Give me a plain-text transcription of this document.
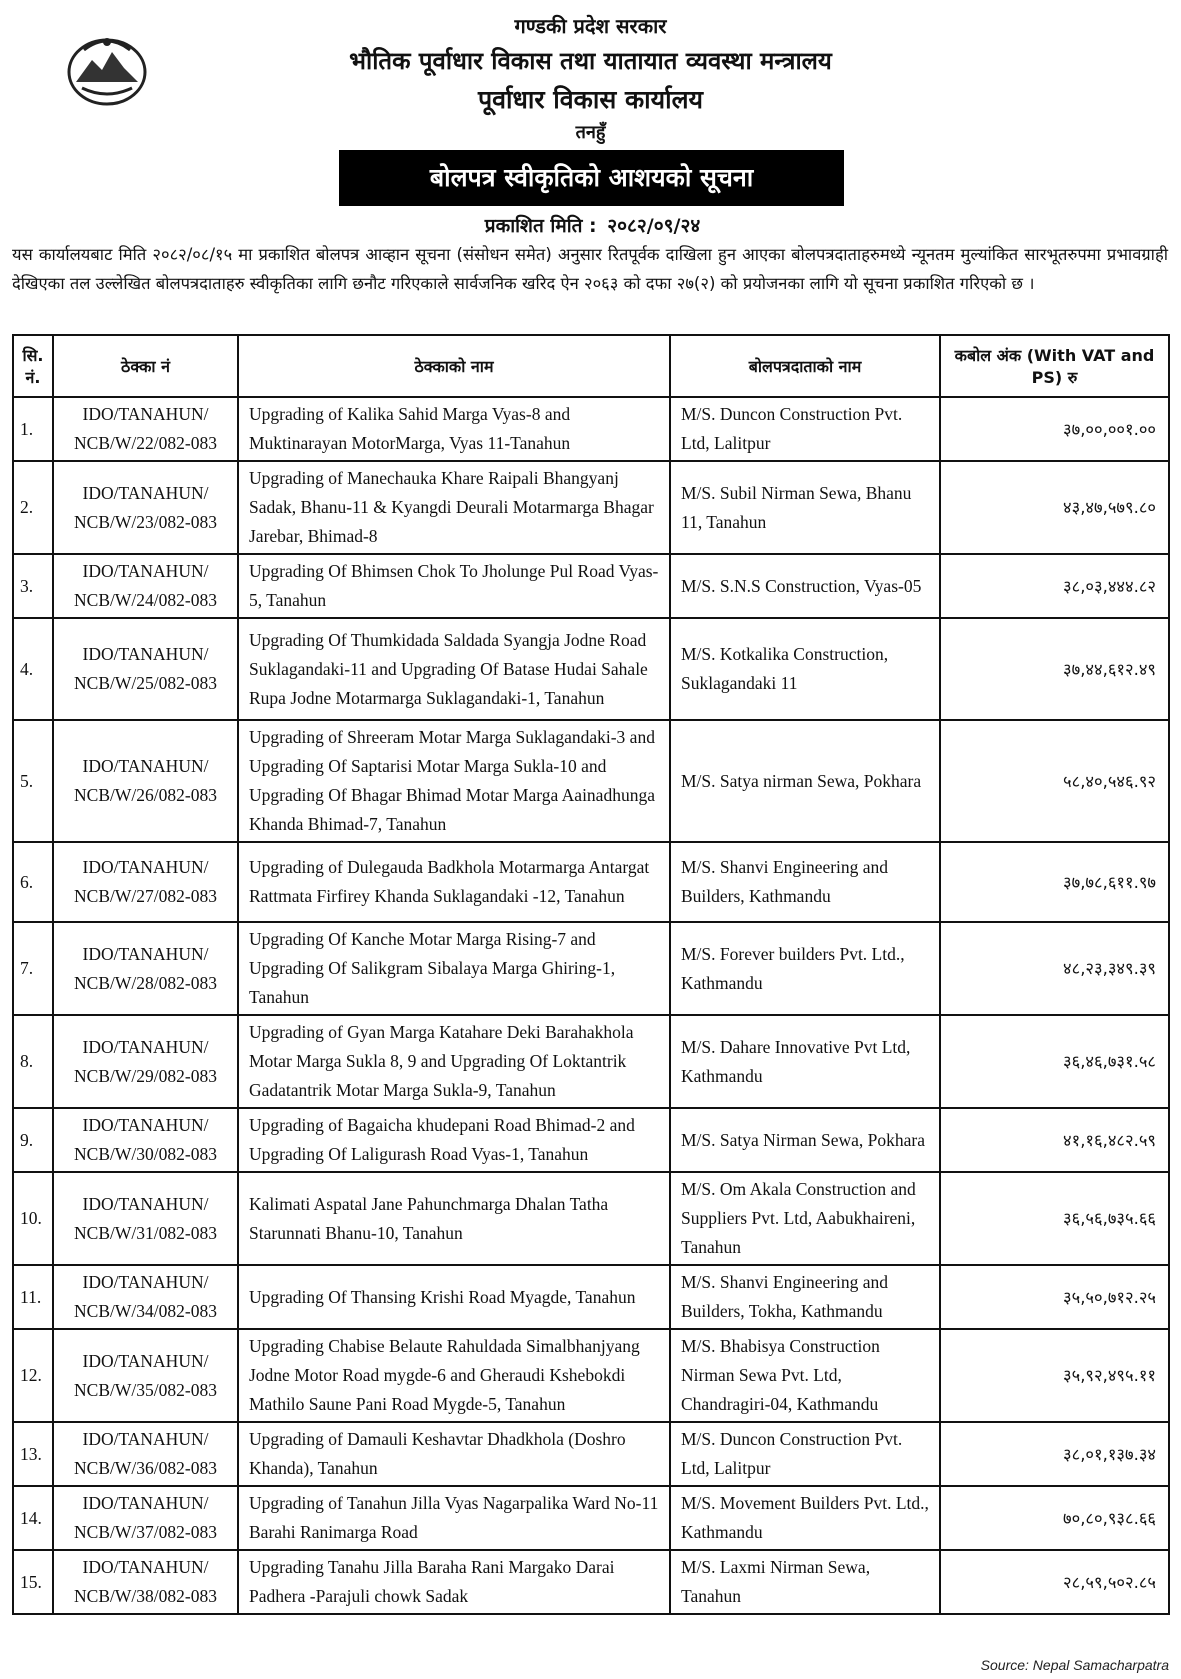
गण्डकी प्रदेश सरकार
भौतिक पूर्वाधार विकास तथा यातायात व्यवस्था मन्त्रालय
पूर्वाधार विकास कार्यालय
तनहुँ
बोलपत्र स्वीकृतिको आशयको सूचना
प्रकाशित मिति : २०८२/०९/२४
यस कार्यालयबाट मिति २०८२/०८/१५ मा प्रकाशित बोलपत्र आव्हान सूचना (संसोधन समेत) अनुसार रितपूर्वक दाखिला हुन आएका बोलपत्रदाताहरुमध्ये न्यूनतम मुल्यांकित सारभूतरुपमा प्रभावग्राही देखिएका तल उल्लेखित बोलपत्रदाताहरु स्वीकृतिका लागि छनौट गरिएकाले सार्वजनिक खरिद ऐन २०६३ को दफा २७(२) को प्रयोजनका लागि यो सूचना प्रकाशित गरिएको छ ।
सि. नं.	ठेक्का नं	ठेक्काको नाम	बोलपत्रदाताको नाम	कबोल अंक (With VAT and PS) रु
1.	IDO/TANAHUN/ NCB/W/22/082-083	Upgrading of Kalika Sahid Marga Vyas-8 and Muktinarayan MotorMarga, Vyas 11-Tanahun	M/S. Duncon Construction Pvt. Ltd, Lalitpur	३७,००,००१.००
2.	IDO/TANAHUN/ NCB/W/23/082-083	Upgrading of Manechauka Khare Raipali Bhangyanj Sadak, Bhanu-11 & Kyangdi Deurali Motarmarga Bhagar Jarebar, Bhimad-8	M/S. Subil Nirman Sewa, Bhanu 11, Tanahun	४३,४७,५७९.८०
3.	IDO/TANAHUN/ NCB/W/24/082-083	Upgrading Of Bhimsen Chok To Jholunge Pul Road Vyas-5, Tanahun	M/S. S.N.S Construction, Vyas-05	३८,०३,४४४.८२
4.	IDO/TANAHUN/ NCB/W/25/082-083	Upgrading Of Thumkidada Saldada Syangja Jodne Road Suklagandaki-11 and Upgrading Of Batase Hudai Sahale Rupa Jodne Motarmarga Suklagandaki-1, Tanahun	M/S. Kotkalika Construction, Suklagandaki 11	३७,४४,६१२.४९
5.	IDO/TANAHUN/ NCB/W/26/082-083	Upgrading of Shreeram Motar Marga Suklagandaki-3 and Upgrading Of Saptarisi Motar Marga Sukla-10 and Upgrading Of Bhagar Bhimad Motar Marga Aainadhunga Khanda Bhimad-7, Tanahun	M/S. Satya nirman Sewa, Pokhara	५८,४०,५४६.९२
6.	IDO/TANAHUN/ NCB/W/27/082-083	Upgrading of Dulegauda Badkhola Motarmarga Antargat Rattmata Firfirey Khanda Suklagandaki -12, Tanahun	M/S. Shanvi Engineering and Builders, Kathmandu	३७,७८,६११.९७
7.	IDO/TANAHUN/ NCB/W/28/082-083	Upgrading Of Kanche Motar Marga Rising-7 and Upgrading Of Salikgram Sibalaya Marga Ghiring-1, Tanahun	M/S. Forever builders Pvt. Ltd., Kathmandu	४८,२३,३४९.३९
8.	IDO/TANAHUN/ NCB/W/29/082-083	Upgrading of Gyan Marga Katahare Deki Barahakhola Motar Marga Sukla 8, 9 and Upgrading Of Loktantrik Gadatantrik Motar Marga Sukla-9, Tanahun	M/S. Dahare Innovative Pvt Ltd, Kathmandu	३६,४६,७३१.५८
9.	IDO/TANAHUN/ NCB/W/30/082-083	Upgrading of Bagaicha khudepani Road Bhimad-2 and Upgrading Of Laligurash Road Vyas-1, Tanahun	M/S. Satya Nirman Sewa, Pokhara	४१,१६,४८२.५९
10.	IDO/TANAHUN/ NCB/W/31/082-083	Kalimati Aspatal Jane Pahunchmarga Dhalan Tatha Starunnati Bhanu-10, Tanahun	M/S. Om Akala Construction and Suppliers Pvt. Ltd, Aabukhaireni, Tanahun	३६,५६,७३५.६६
11.	IDO/TANAHUN/ NCB/W/34/082-083	Upgrading Of Thansing Krishi Road Myagde, Tanahun	M/S. Shanvi Engineering and Builders, Tokha, Kathmandu	३५,५०,७१२.२५
12.	IDO/TANAHUN/ NCB/W/35/082-083	Upgrading Chabise Belaute Rahuldada Simalbhanjyang Jodne Motor Road mygde-6 and Gheraudi Kshebokdi Mathilo Saune Pani Road Mygde-5, Tanahun	M/S. Bhabisya Construction Nirman Sewa Pvt. Ltd, Chandragiri-04, Kathmandu	३५,९२,४९५.११
13.	IDO/TANAHUN/ NCB/W/36/082-083	Upgrading of Damauli Keshavtar Dhadkhola (Doshro Khanda), Tanahun	M/S. Duncon Construction Pvt. Ltd, Lalitpur	३८,०१,१३७.३४
14.	IDO/TANAHUN/ NCB/W/37/082-083	Upgrading of Tanahun Jilla Vyas Nagarpalika Ward No-11 Barahi Ranimarga Road	M/S. Movement Builders Pvt. Ltd., Kathmandu	७०,८०,९३८.६६
15.	IDO/TANAHUN/ NCB/W/38/082-083	Upgrading Tanahu Jilla Baraha Rani Margako Darai Padhera -Parajuli chowk Sadak	M/S. Laxmi Nirman Sewa, Tanahun	२८,५९,५०२.८५
Source: Nepal Samacharpatra
